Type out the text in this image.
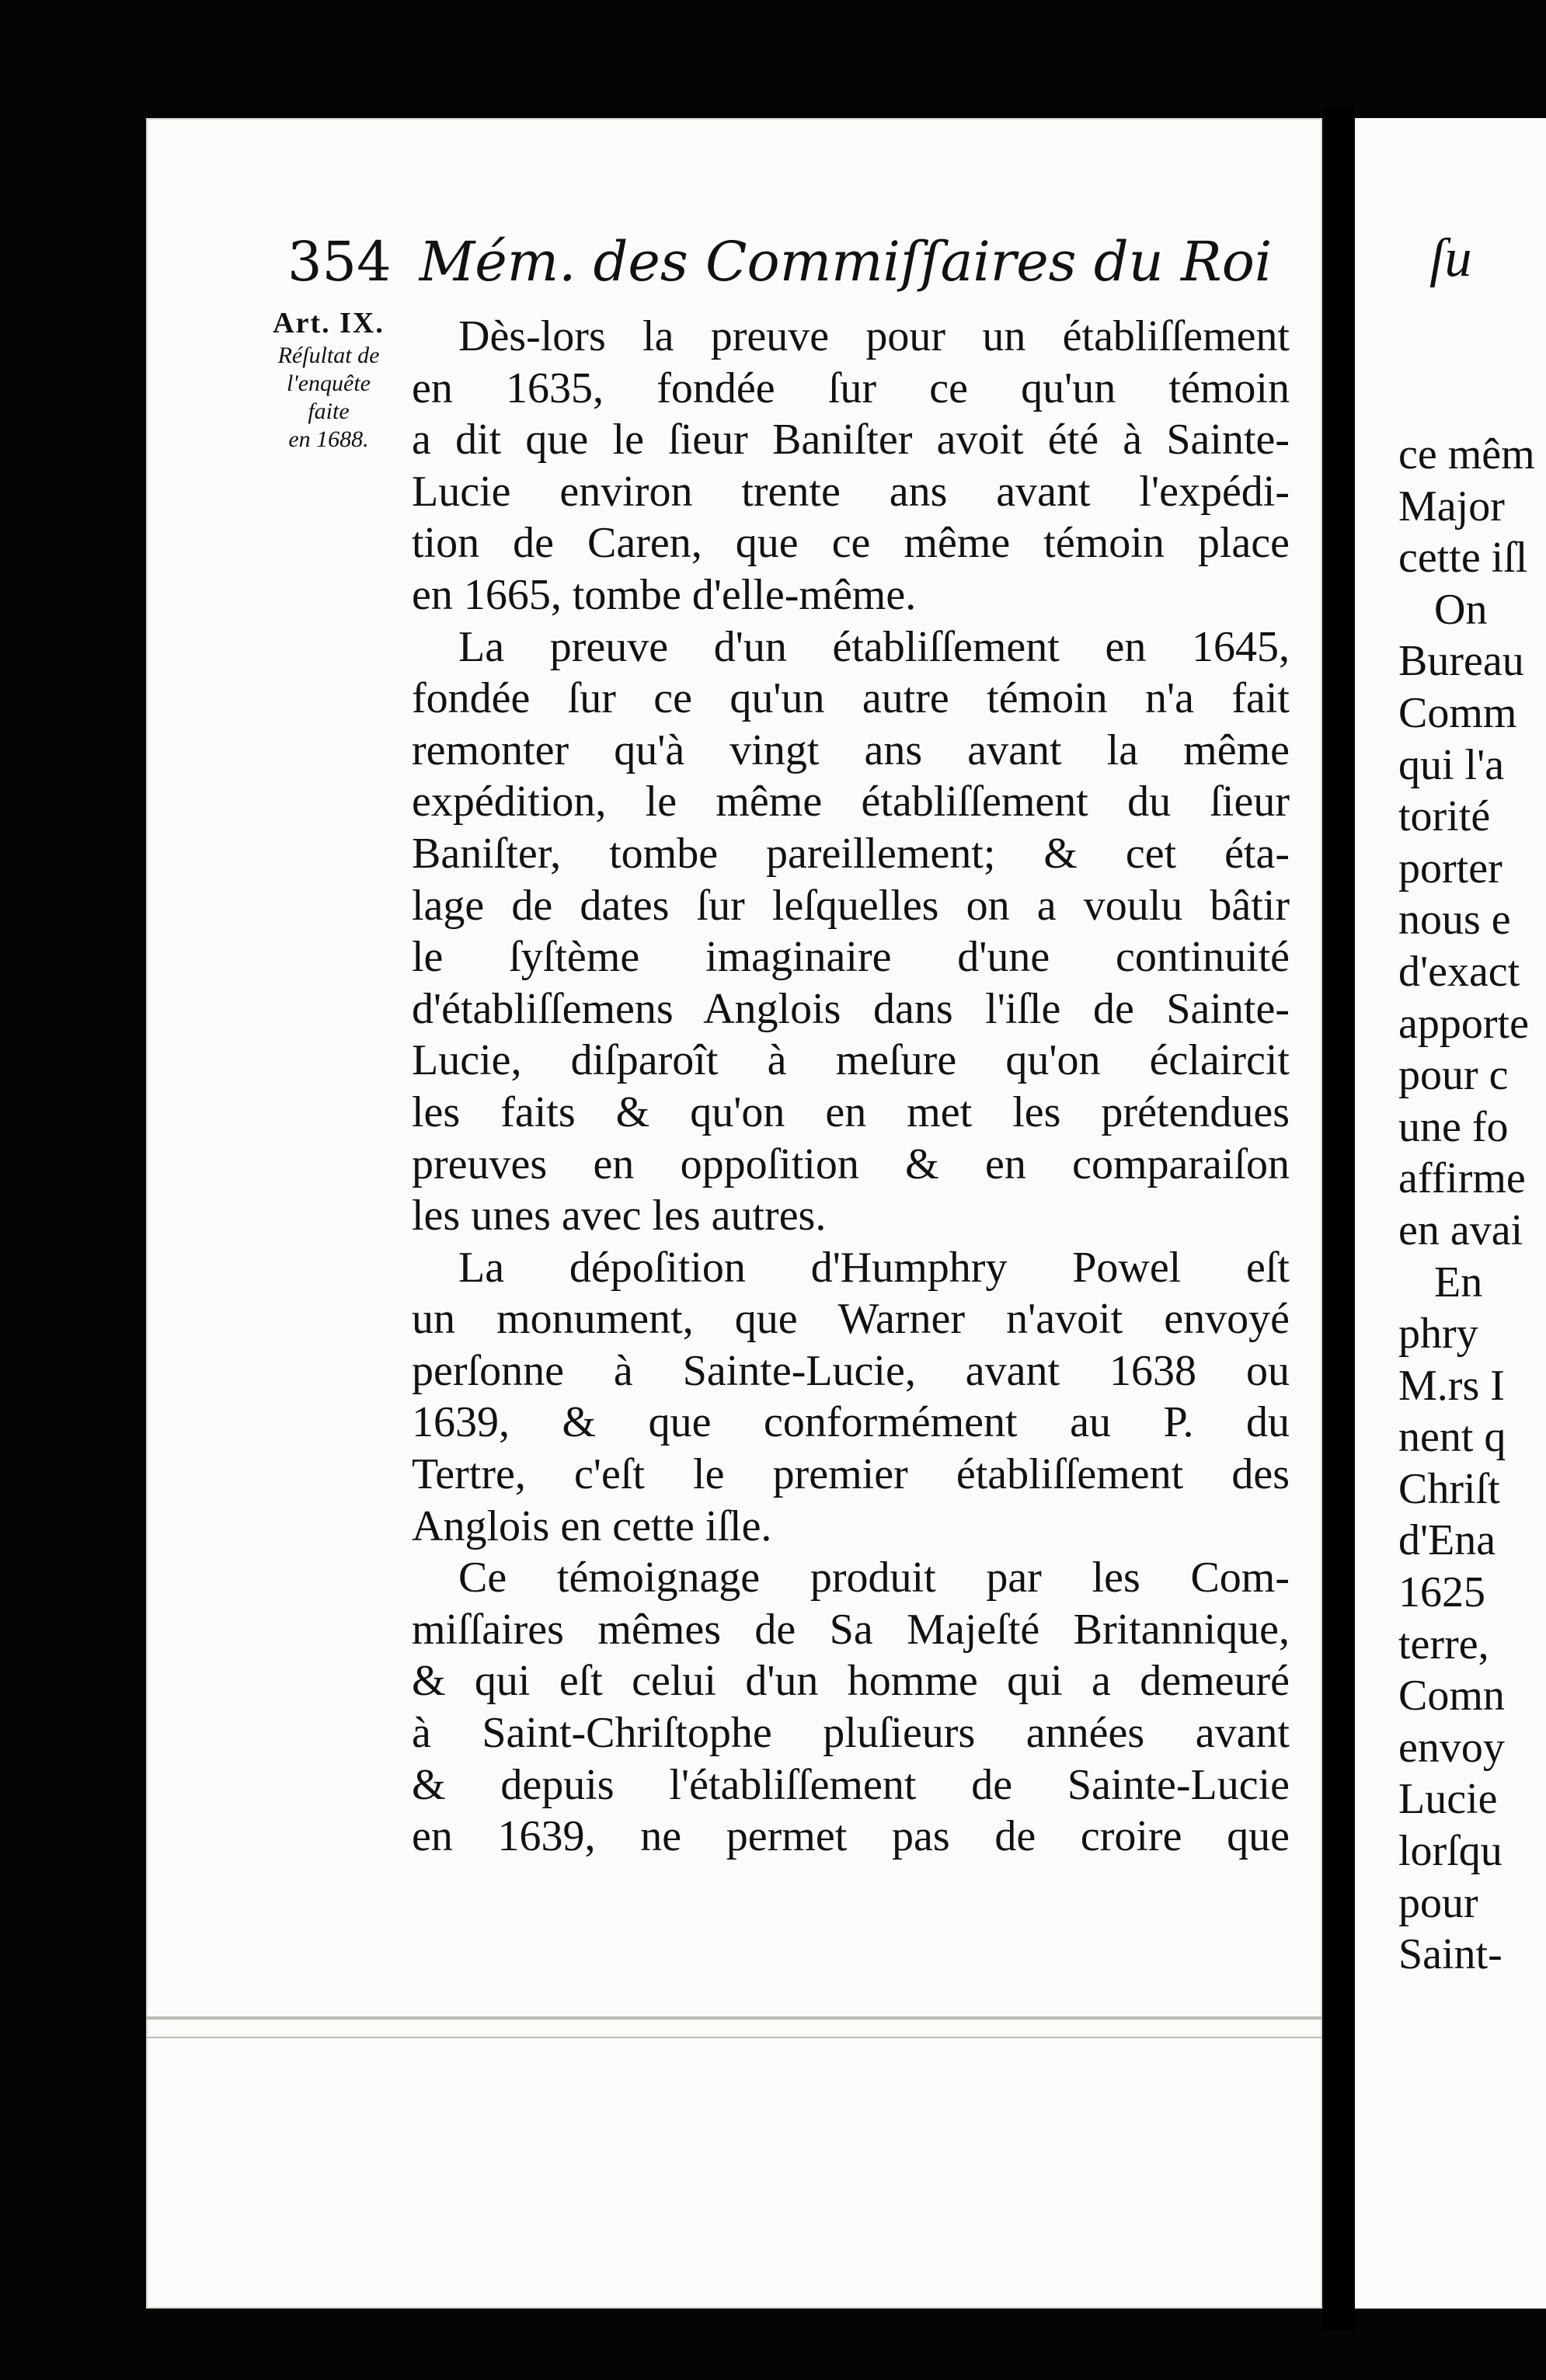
ſu
ce mêm
Major
cette iſl
On
Bureau
Comm
qui l'a
torité
porter
nous e
d'exact
apporte
pour c
une fo
affirme
en avai
En
phry
M.rs I
nent q
Chriſt
d'Ena
1625
terre,
Comn
envoy
Lucie
lorſqu
pour
Saint-
354 Mém. des Commiſſaires du Roi
Art. IX.
Réſultat de
l'enquête
faite
en 1688.
Dès-lors la preuve pour un établiſſement
en 1635, fondée ſur ce qu'un témoin
a dit que le ſieur Baniſter avoit été à Sainte-
Lucie environ trente ans avant l'expédi-
tion de Caren, que ce même témoin place
en 1665, tombe d'elle-même.
La preuve d'un établiſſement en 1645,
fondée ſur ce qu'un autre témoin n'a fait
remonter qu'à vingt ans avant la même
expédition, le même établiſſement du ſieur
Baniſter, tombe pareillement; & cet éta-
lage de dates ſur leſquelles on a voulu bâtir
le ſyſtème imaginaire d'une continuité
d'établiſſemens Anglois dans l'iſle de Sainte-
Lucie, diſparoît à meſure qu'on éclaircit
les faits & qu'on en met les prétendues
preuves en oppoſition & en comparaiſon
les unes avec les autres.
La dépoſition d'Humphry Powel eſt
un monument, que Warner n'avoit envoyé
perſonne à Sainte-Lucie, avant 1638 ou
1639, & que conformément au P. du
Tertre, c'eſt le premier établiſſement des
Anglois en cette iſle.
Ce témoignage produit par les Com-
miſſaires mêmes de Sa Majeſté Britannique,
& qui eſt celui d'un homme qui a demeuré
à Saint-Chriſtophe pluſieurs années avant
& depuis l'établiſſement de Sainte-Lucie
en 1639, ne permet pas de croire que
